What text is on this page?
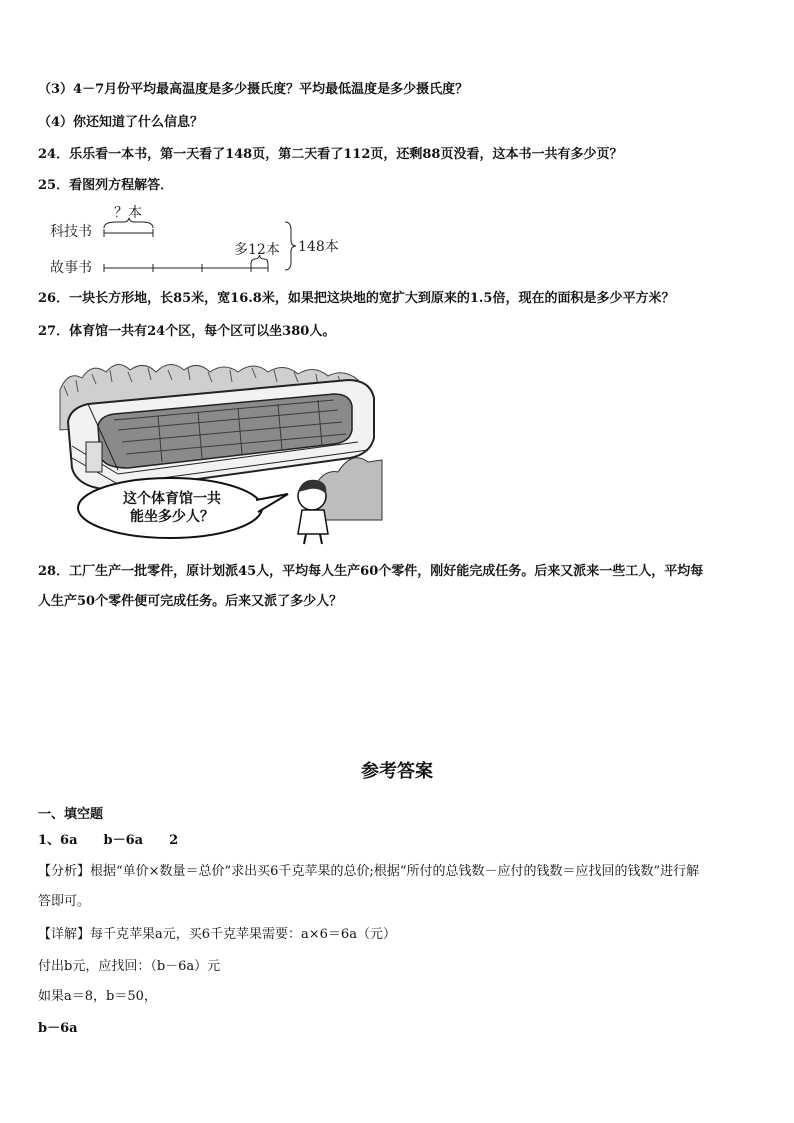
（3）4－7月份平均最高温度是多少摄氏度？平均最低温度是多少摄氏度？
（4）你还知道了什么信息？
24．乐乐看一本书，第一天看了148页，第二天看了112页，还剩88页没看，这本书一共有多少页？
25．看图列方程解答．
科技书
故事书
？本
多12本 148本
26．一块长方形地，长85米，宽16.8米，如果把这块地的宽扩大到原来的1.5倍，现在的面积是多少平方米？
27．体育馆一共有24个区，每个区可以坐380人。
这个体育馆一共
能坐多少人？
28．工厂生产一批零件，原计划派45人，平均每人生产60个零件，刚好能完成任务。后来又派来一些工人，平均每
人生产50个零件便可完成任务。后来又派了多少人？
参考答案
一、填空题
1、6a　　b－6a　　2
【分析】根据“单价×数量＝总价”求出买6千克苹果的总价;根据“所付的总钱数－应付的钱数＝应找回的钱数”进行解
答即可。
【详解】每千克苹果a元，买6千克苹果需要：a×6＝6a（元）
付出b元，应找回：（b－6a）元
如果a＝8，b＝50，
b－6a
